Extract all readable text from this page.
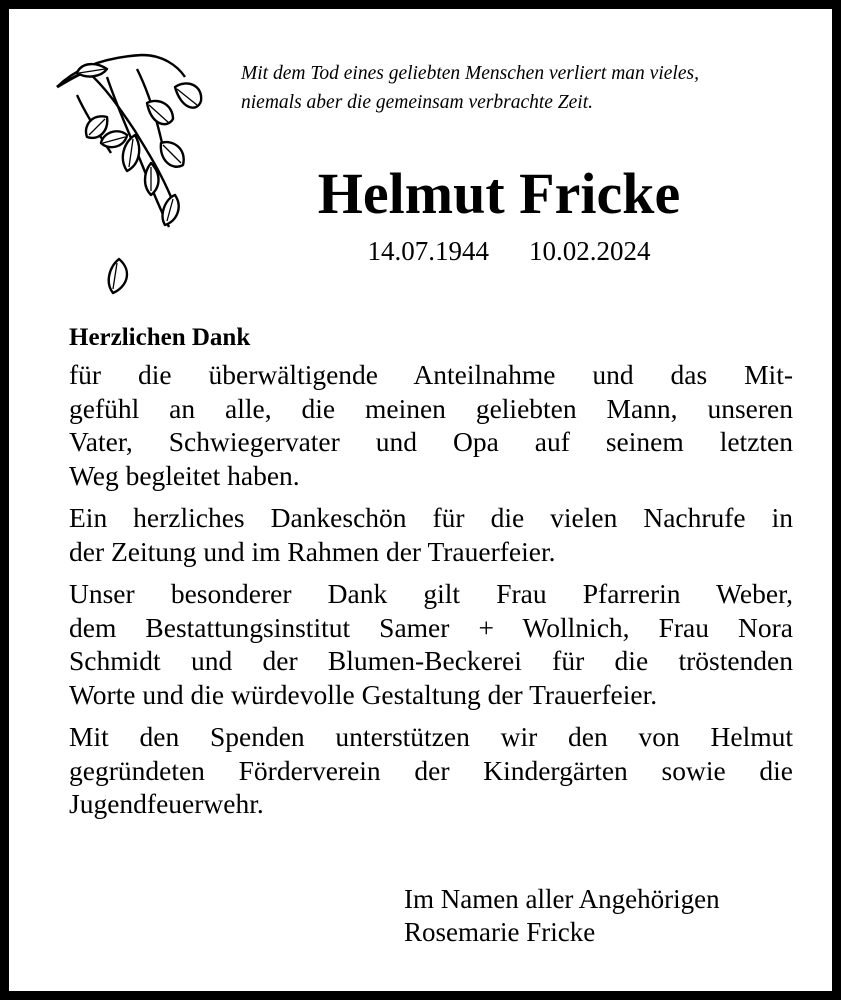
Mit dem Tod eines geliebten Menschen verliert man vieles,
niemals aber die gemeinsam verbrachte Zeit.
Helmut Fricke
14.07.1944 10.02.2024
Herzlichen Dank
für die überwältigende Anteilnahme und das Mit-
gefühl an alle, die meinen geliebten Mann, unseren
Vater, Schwiegervater und Opa auf seinem letzten
Weg begleitet haben.
Ein herzliches Dankeschön für die vielen Nachrufe in
der Zeitung und im Rahmen der Trauerfeier.
Unser besonderer Dank gilt Frau Pfarrerin Weber,
dem Bestattungsinstitut Samer + Wollnich, Frau Nora
Schmidt und der Blumen-Beckerei für die tröstenden
Worte und die würdevolle Gestaltung der Trauerfeier.
Mit den Spenden unterstützen wir den von Helmut
gegründeten Förderverein der Kindergärten sowie die
Jugendfeuerwehr.
Im Namen aller Angehörigen
Rosemarie Fricke
